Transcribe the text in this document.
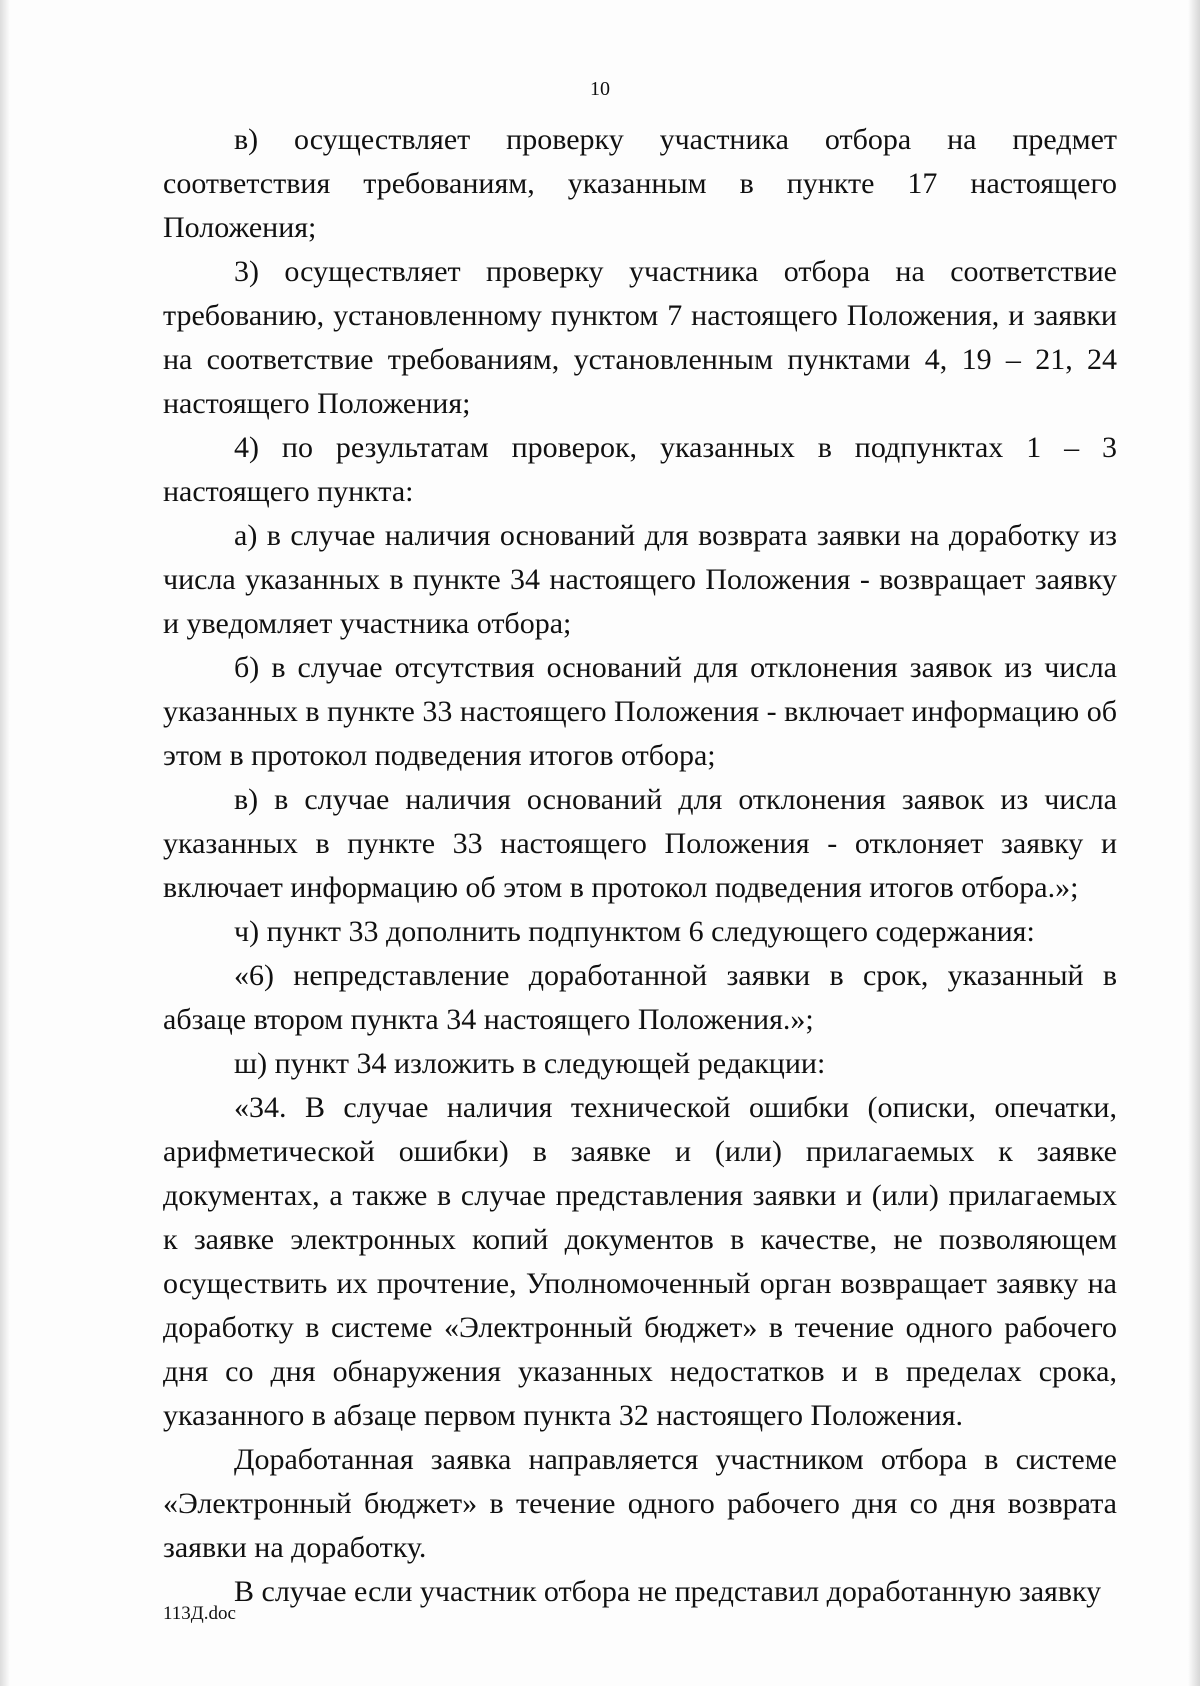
10

в) осуществляет проверку участника отбора на предмет соответствия требованиям, указанным в пункте 17 настоящего Положения;

3) осуществляет проверку участника отбора на соответствие требованию, установленному пунктом 7 настоящего Положения, и заявки на соответствие требованиям, установленным пунктами 4, 19 – 21, 24 настоящего Положения;

4) по результатам проверок, указанных в подпунктах 1 – 3 настоящего пункта:

а) в случае наличия оснований для возврата заявки на доработку из числа указанных в пункте 34 настоящего Положения - возвращает заявку и уведомляет участника отбора;

б) в случае отсутствия оснований для отклонения заявок из числа указанных в пункте 33 настоящего Положения - включает информацию об этом в протокол подведения итогов отбора;

в) в случае наличия оснований для отклонения заявок из числа указанных в пункте 33 настоящего Положения - отклоняет заявку и включает информацию об этом в протокол подведения итогов отбора.»;

ч) пункт 33 дополнить подпунктом 6 следующего содержания:

«6) непредставление доработанной заявки в срок, указанный в абзаце втором пункта 34 настоящего Положения.»;

ш) пункт 34 изложить в следующей редакции:

«34. В случае наличия технической ошибки (описки, опечатки, арифметической ошибки) в заявке и (или) прилагаемых к заявке документах, а также в случае представления заявки и (или) прилагаемых к заявке электронных копий документов в качестве, не позволяющем осуществить их прочтение, Уполномоченный орган возвращает заявку на доработку в системе «Электронный бюджет» в течение одного рабочего дня со дня обнаружения указанных недостатков и в пределах срока, указанного в абзаце первом пункта 32 настоящего Положения.

Доработанная заявка направляется участником отбора в системе «Электронный бюджет» в течение одного рабочего дня со дня возврата заявки на доработку.

В случае если участник отбора не представил доработанную заявку

113Д.doc
